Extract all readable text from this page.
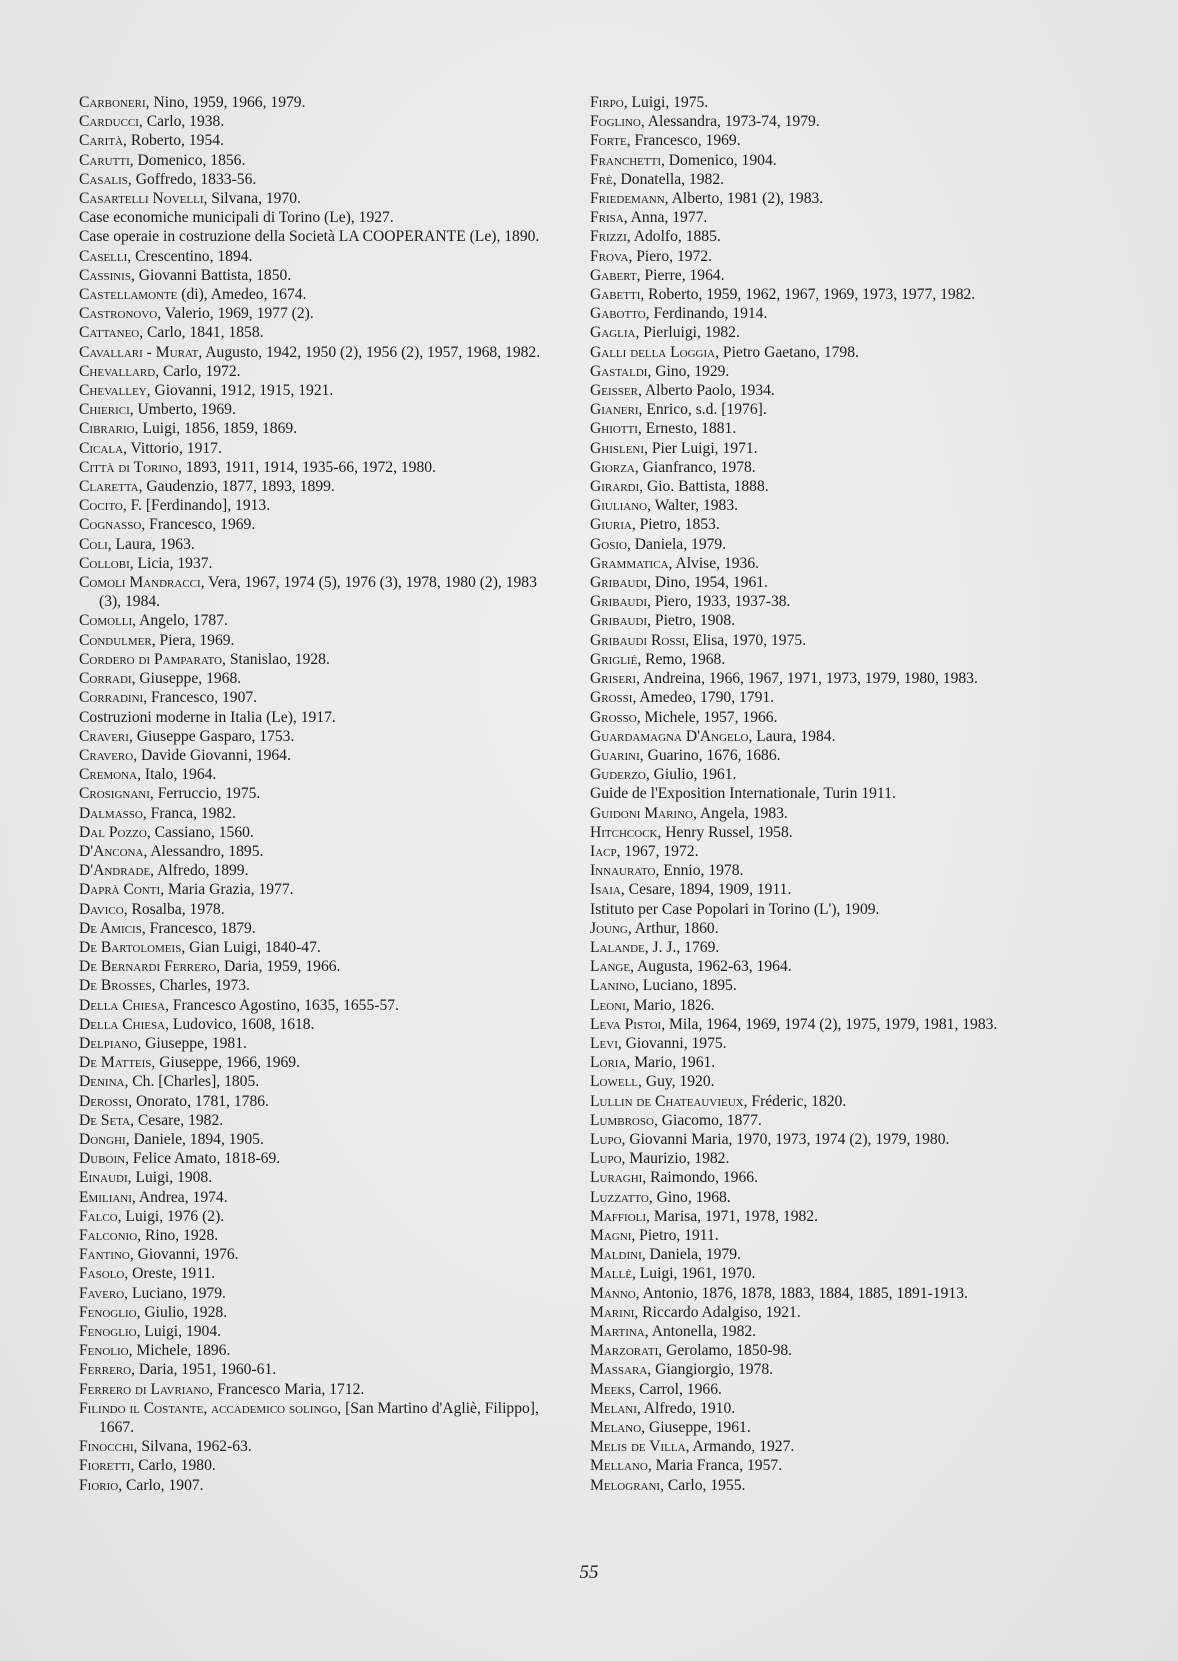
Carboneri, Nino, 1959, 1966, 1979.

Carducci, Carlo, 1938.

Carità, Roberto, 1954.

Carutti, Domenico, 1856.

Casalis, Goffredo, 1833-56.

Casartelli Novelli, Silvana, 1970.

Case economiche municipali di Torino (Le), 1927.

Case operaie in costruzione della Società LA COOPERANTE (Le), 1890.

Caselli, Crescentino, 1894.

Cassinis, Giovanni Battista, 1850.

Castellamonte (di), Amedeo, 1674.

Castronovo, Valerio, 1969, 1977 (2).

Cattaneo, Carlo, 1841, 1858.

Cavallari - Murat, Augusto, 1942, 1950 (2), 1956 (2), 1957, 1968, 1982.

Chevallard, Carlo, 1972.

Chevalley, Giovanni, 1912, 1915, 1921.

Chierici, Umberto, 1969.

Cibrario, Luigi, 1856, 1859, 1869.

Cicala, Vittorio, 1917.

Città di Torino, 1893, 1911, 1914, 1935-66, 1972, 1980.

Claretta, Gaudenzio, 1877, 1893, 1899.

Cocito, F. [Ferdinando], 1913.

Cognasso, Francesco, 1969.

Coli, Laura, 1963.

Collobi, Licia, 1937.

Comoli Mandracci, Vera, 1967, 1974 (5), 1976 (3), 1978, 1980 (2), 1983 (3), 1984.

Comolli, Angelo, 1787.

Condulmer, Piera, 1969.

Cordero di Pamparato, Stanislao, 1928.

Corradi, Giuseppe, 1968.

Corradini, Francesco, 1907.

Costruzioni moderne in Italia (Le), 1917.

Craveri, Giuseppe Gasparo, 1753.

Cravero, Davide Giovanni, 1964.

Cremona, Italo, 1964.

Crosignani, Ferruccio, 1975.

Dalmasso, Franca, 1982.

Dal Pozzo, Cassiano, 1560.

D'Ancona, Alessandro, 1895.

D'Andrade, Alfredo, 1899.

Daprà Conti, Maria Grazia, 1977.

Davico, Rosalba, 1978.

De Amicis, Francesco, 1879.

De Bartolomeis, Gian Luigi, 1840-47.

De Bernardi Ferrero, Daria, 1959, 1966.

De Brosses, Charles, 1973.

Della Chiesa, Francesco Agostino, 1635, 1655-57.

Della Chiesa, Ludovico, 1608, 1618.

Delpiano, Giuseppe, 1981.

De Matteis, Giuseppe, 1966, 1969.

Denina, Ch. [Charles], 1805.

Derossi, Onorato, 1781, 1786.

De Seta, Cesare, 1982.

Donghi, Daniele, 1894, 1905.

Duboin, Felice Amato, 1818-69.

Einaudi, Luigi, 1908.

Emiliani, Andrea, 1974.

Falco, Luigi, 1976 (2).

Falconio, Rino, 1928.

Fantino, Giovanni, 1976.

Fasolo, Oreste, 1911.

Favero, Luciano, 1979.

Fenoglio, Giulio, 1928.

Fenoglio, Luigi, 1904.

Fenolio, Michele, 1896.

Ferrero, Daria, 1951, 1960-61.

Ferrero di Lavriano, Francesco Maria, 1712.

Filindo il Costante, accademico solingo, [San Martino d'Agliè, Filippo], 1667.

Finocchi, Silvana, 1962-63.

Fioretti, Carlo, 1980.

Fiorio, Carlo, 1907.

Firpo, Luigi, 1975.

Foglino, Alessandra, 1973-74, 1979.

Forte, Francesco, 1969.

Franchetti, Domenico, 1904.

Frè, Donatella, 1982.

Friedemann, Alberto, 1981 (2), 1983.

Frisa, Anna, 1977.

Frizzi, Adolfo, 1885.

Frova, Piero, 1972.

Gabert, Pierre, 1964.

Gabetti, Roberto, 1959, 1962, 1967, 1969, 1973, 1977, 1982.

Gabotto, Ferdinando, 1914.

Gaglia, Pierluigi, 1982.

Galli della Loggia, Pietro Gaetano, 1798.

Gastaldi, Gino, 1929.

Geisser, Alberto Paolo, 1934.

Gianeri, Enrico, s.d. [1976].

Ghiotti, Ernesto, 1881.

Ghisleni, Pier Luigi, 1971.

Giorza, Gianfranco, 1978.

Girardi, Gio. Battista, 1888.

Giuliano, Walter, 1983.

Giuria, Pietro, 1853.

Gosio, Daniela, 1979.

Grammatica, Alvise, 1936.

Gribaudi, Dino, 1954, 1961.

Gribaudi, Piero, 1933, 1937-38.

Gribaudi, Pietro, 1908.

Gribaudi Rossi, Elisa, 1970, 1975.

Griglié, Remo, 1968.

Griseri, Andreina, 1966, 1967, 1971, 1973, 1979, 1980, 1983.

Grossi, Amedeo, 1790, 1791.

Grosso, Michele, 1957, 1966.

Guardamagna D'Angelo, Laura, 1984.

Guarini, Guarino, 1676, 1686.

Guderzo, Giulio, 1961.

Guide de l'Exposition Internationale, Turin 1911.

Guidoni Marino, Angela, 1983.

Hitchcock, Henry Russel, 1958.

Iacp, 1967, 1972.

Innaurato, Ennio, 1978.

Isaia, Cesare, 1894, 1909, 1911.

Istituto per Case Popolari in Torino (L'), 1909.

Joung, Arthur, 1860.

Lalande, J. J., 1769.

Lange, Augusta, 1962-63, 1964.

Lanino, Luciano, 1895.

Leoni, Mario, 1826.

Leva Pistoi, Mila, 1964, 1969, 1974 (2), 1975, 1979, 1981, 1983.

Levi, Giovanni, 1975.

Loria, Mario, 1961.

Lowell, Guy, 1920.

Lullin de Chateauvieux, Fréderic, 1820.

Lumbroso, Giacomo, 1877.

Lupo, Giovanni Maria, 1970, 1973, 1974 (2), 1979, 1980.

Lupo, Maurizio, 1982.

Luraghi, Raimondo, 1966.

Luzzatto, Gino, 1968.

Maffioli, Marisa, 1971, 1978, 1982.

Magni, Pietro, 1911.

Maldini, Daniela, 1979.

Mallè, Luigi, 1961, 1970.

Manno, Antonio, 1876, 1878, 1883, 1884, 1885, 1891-1913.

Marini, Riccardo Adalgiso, 1921.

Martina, Antonella, 1982.

Marzorati, Gerolamo, 1850-98.

Massara, Giangiorgio, 1978.

Meeks, Carrol, 1966.

Melani, Alfredo, 1910.

Melano, Giuseppe, 1961.

Melis de Villa, Armando, 1927.

Mellano, Maria Franca, 1957.

Melograni, Carlo, 1955.

55
